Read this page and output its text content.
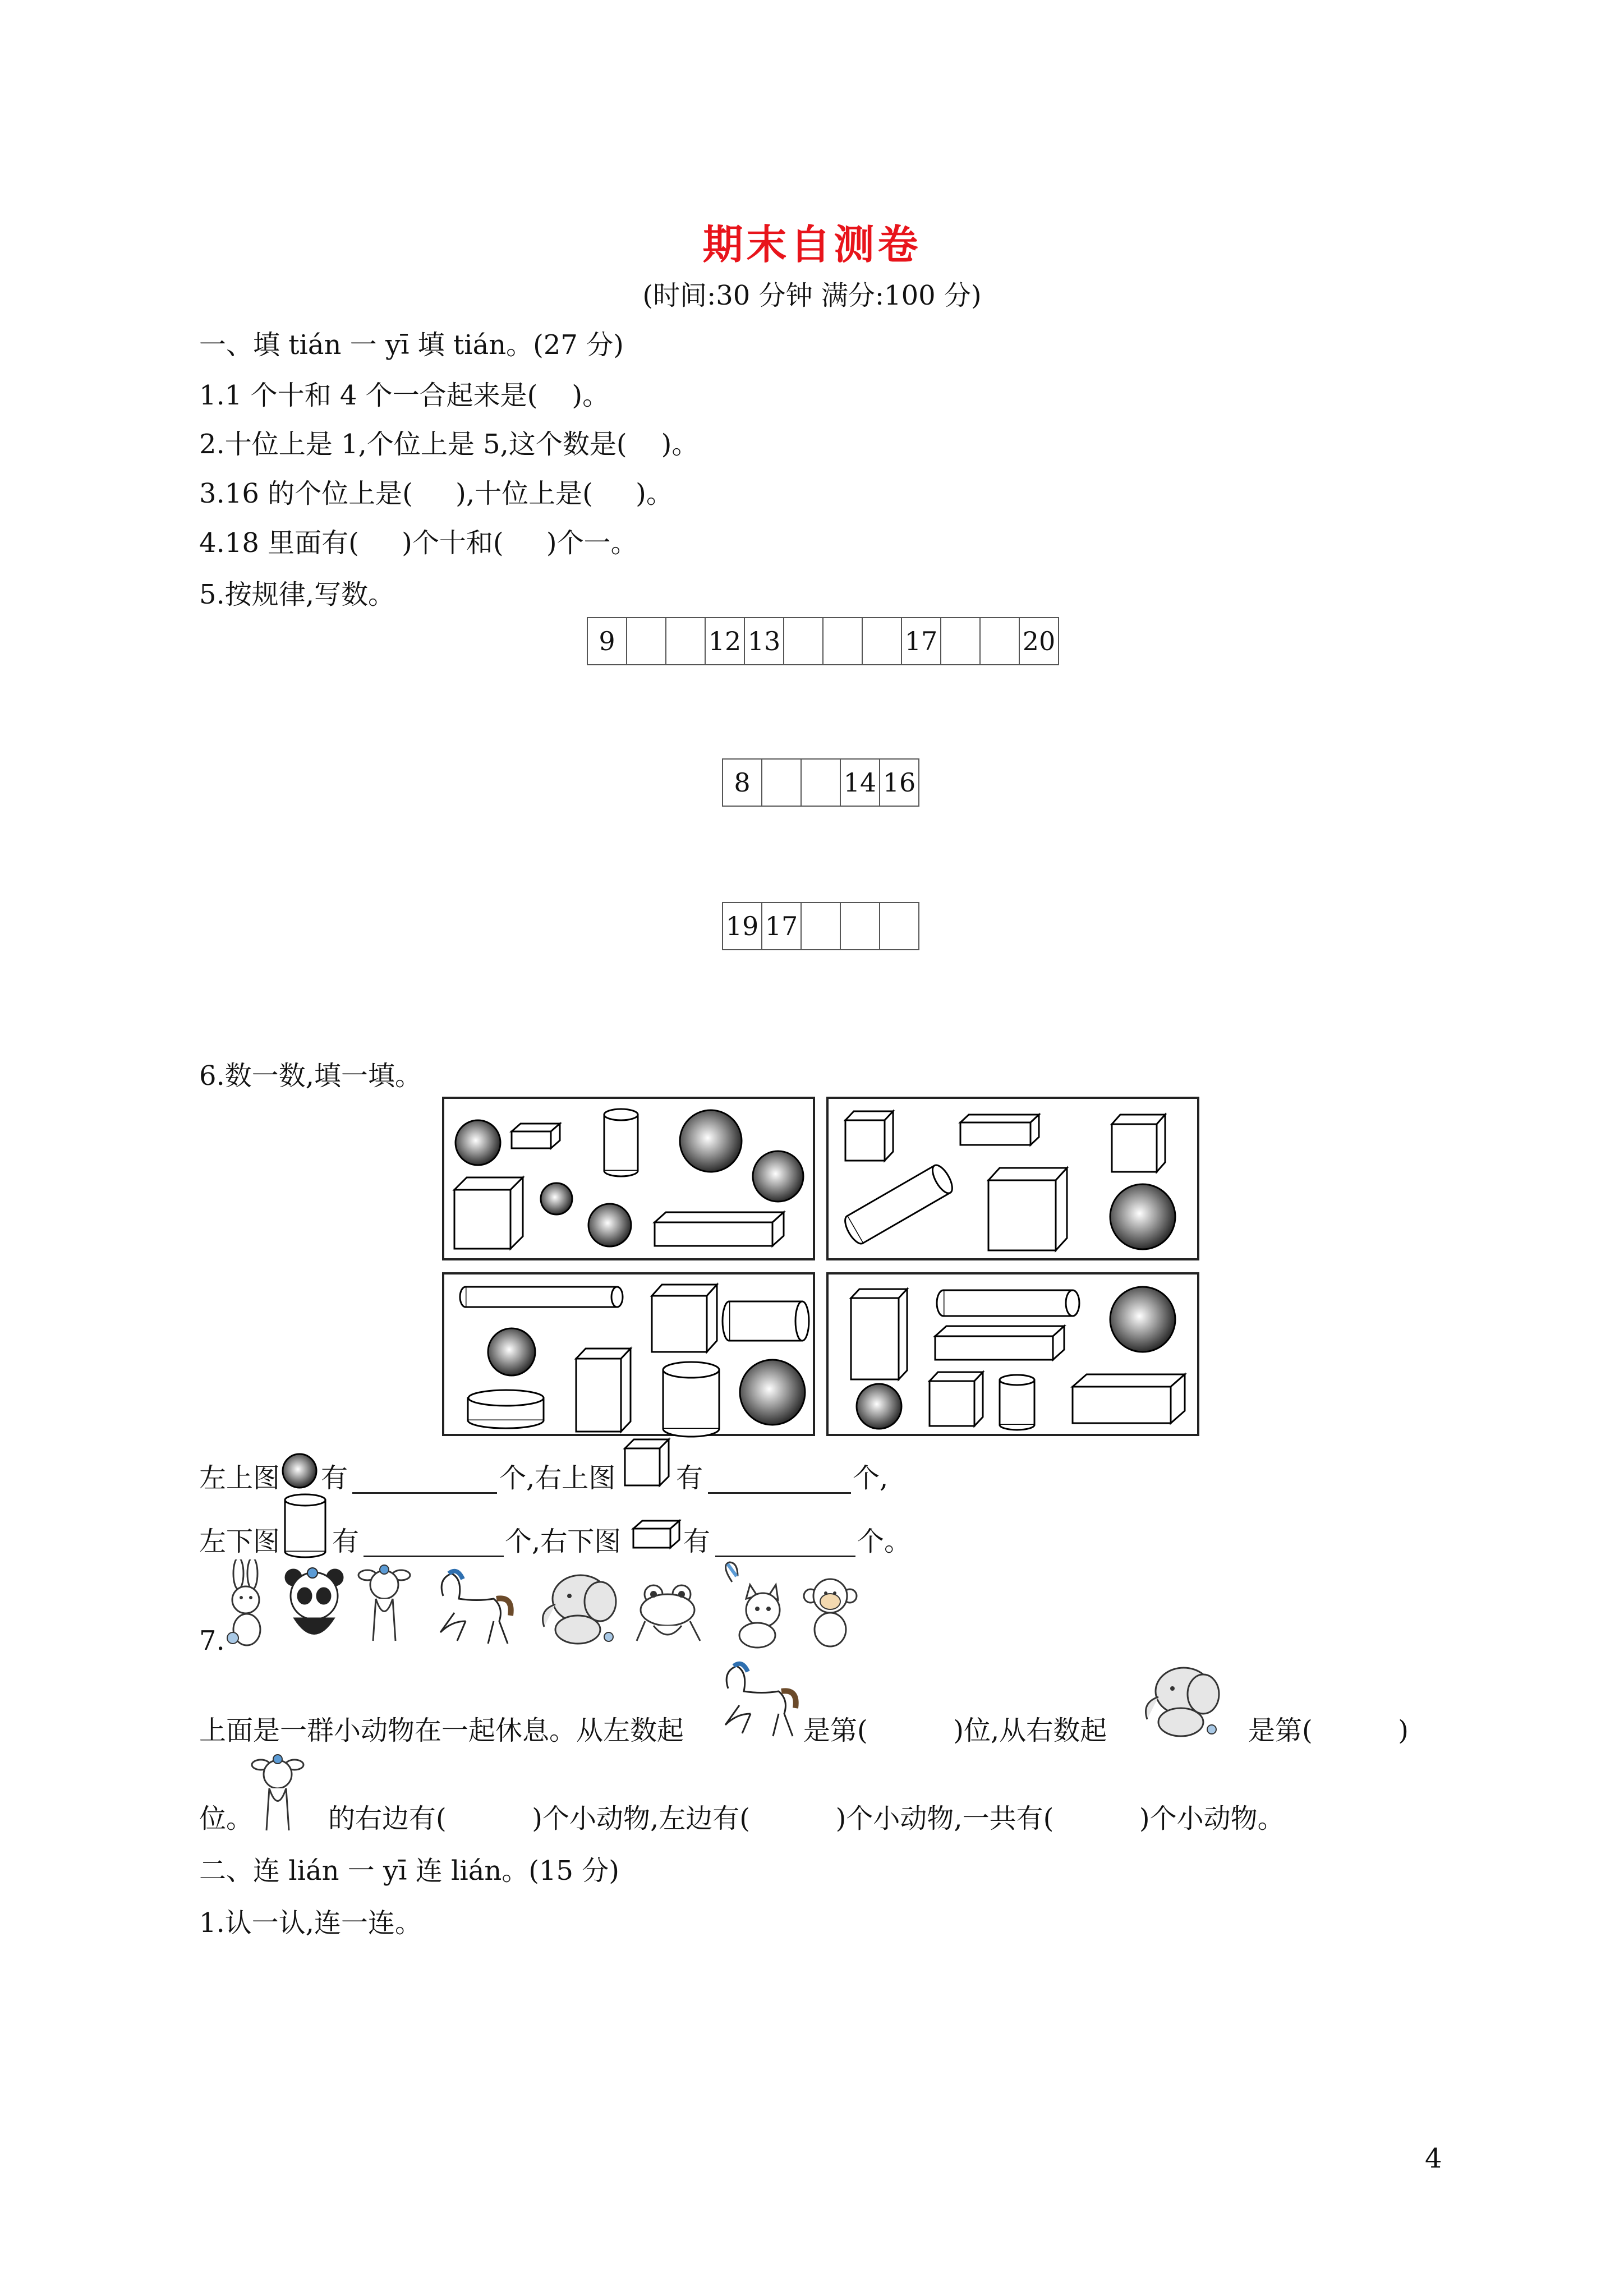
期末自测卷
(时间:30 分钟 满分:100 分)
一、填 tián 一 yī 填 tián。(27 分)
1.1 个十和 4 个一合起来是(    )。
2.十位上是 1,个位上是 5,这个数是(    )。
3.16 的个位上是(     ),十位上是(     )。
4.18 里面有(     )个十和(     )个一。
5.按规律,写数。
9			12	13				17			20
8			14	16
19	17			
6.数一数,填一填。
左上图 有	个,右上图 有	个,
左下图 有	个,右下图 有	个。
7.
上面是一群小动物在一起休息。从左数起	是第(          )位,从右数起	是第(          )
位。	的右边有(          )个小动物,左边有(          )个小动物,一共有(          )个小动物。
二、连 lián 一 yī 连 lián。(15 分)
1.认一认,连一连。
4
